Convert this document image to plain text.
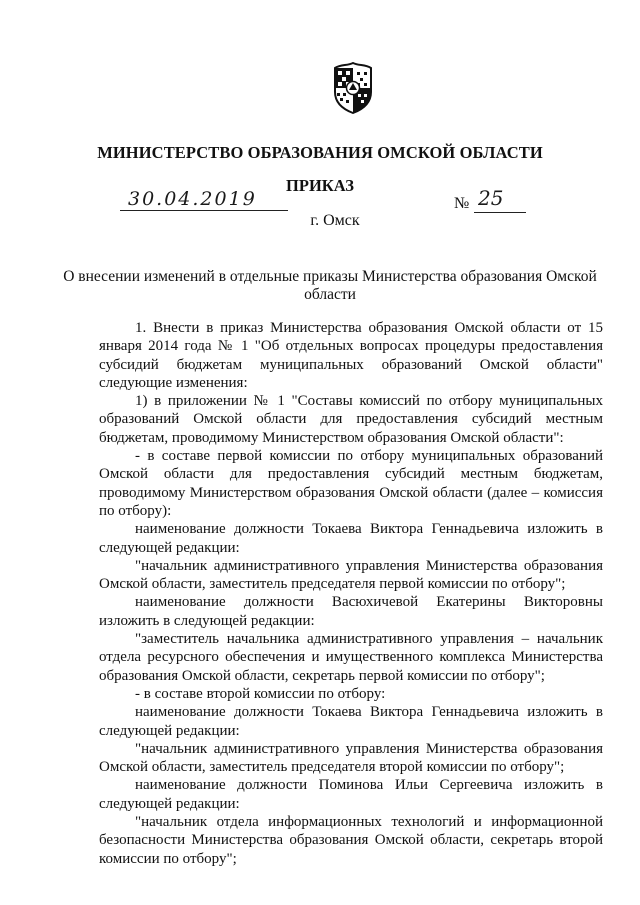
МИНИСТЕРСТВО ОБРАЗОВАНИЯ ОМСКОЙ ОБЛАСТИ
ПРИКАЗ
30.04.2019	№ 25
г. Омск
О внесении изменений в отдельные приказы Министерства образования Омской области

1. Внести в приказ Министерства образования Омской области от 15 января 2014 года № 1 "Об отдельных вопросах процедуры предоставления субсидий бюджетам муниципальных образований Омской области" следующие изменения:

1) в приложении № 1 "Составы комиссий по отбору муниципальных образований Омской области для предоставления субсидий местным бюджетам, проводимому Министерством образования Омской области":

- в составе первой комиссии по отбору муниципальных образований Омской области для предоставления субсидий местным бюджетам, проводимому Министерством образования Омской области (далее – комиссия по отбору):

наименование должности Токаева Виктора Геннадьевича изложить в следующей редакции:

"начальник административного управления Министерства образования Омской области, заместитель председателя первой комиссии по отбору";

наименование должности Васюхичевой Екатерины Викторовны изложить в следующей редакции:

"заместитель начальника административного управления – начальник отдела ресурсного обеспечения и имущественного комплекса Министерства образования Омской области, секретарь первой комиссии по отбору";

- в составе второй комиссии по отбору:

наименование должности Токаева Виктора Геннадьевича изложить в следующей редакции:

"начальник административного управления Министерства образования Омской области, заместитель председателя второй комиссии по отбору";

наименование должности Поминова Ильи Сергеевича изложить в следующей редакции:

"начальник отдела информационных технологий и информационной безопасности Министерства образования Омской области, секретарь второй комиссии по отбору";
